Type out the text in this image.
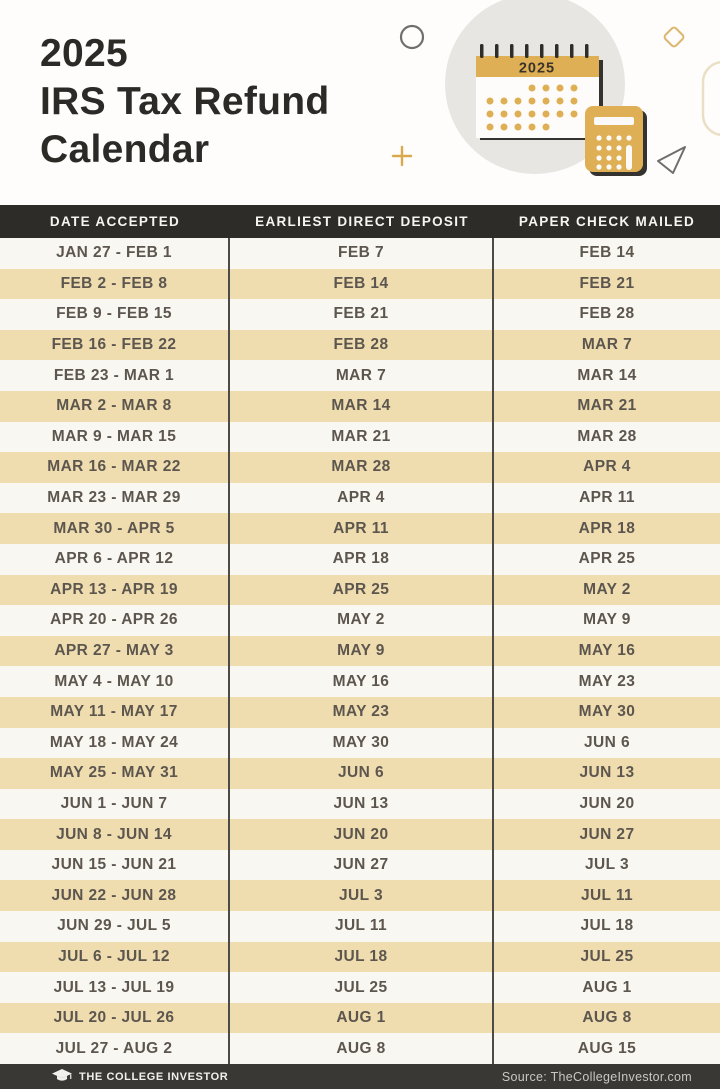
2025
IRS Tax Refund
Calendar
2025
DATE ACCEPTED	EARLIEST DIRECT DEPOSIT	PAPER CHECK MAILED
JAN 27 - FEB 1	FEB 7	FEB 14
FEB 2 - FEB 8	FEB 14	FEB 21
FEB 9 - FEB 15	FEB 21	FEB 28
FEB 16 - FEB 22	FEB 28	MAR 7
FEB 23 - MAR 1	MAR 7	MAR 14
MAR 2 - MAR 8	MAR 14	MAR 21
MAR 9 - MAR 15	MAR 21	MAR 28
MAR 16 - MAR 22	MAR 28	APR 4
MAR 23 - MAR 29	APR 4	APR 11
MAR 30 - APR 5	APR 11	APR 18
APR 6 - APR 12	APR 18	APR 25
APR 13 - APR 19	APR 25	MAY 2
APR 20 - APR 26	MAY 2	MAY 9
APR 27 - MAY 3	MAY 9	MAY 16
MAY 4 - MAY 10	MAY 16	MAY 23
MAY 11 - MAY 17	MAY 23	MAY 30
MAY 18 - MAY 24	MAY 30	JUN 6
MAY 25 - MAY 31	JUN 6	JUN 13
JUN 1 - JUN 7	JUN 13	JUN 20
JUN 8 - JUN 14	JUN 20	JUN 27
JUN 15 - JUN 21	JUN 27	JUL 3
JUN 22 - JUN 28	JUL 3	JUL 11
JUN 29 - JUL 5	JUL 11	JUL 18
JUL 6 - JUL 12	JUL 18	JUL 25
JUL 13 - JUL 19	JUL 25	AUG 1
JUL 20 - JUL 26	AUG 1	AUG 8
JUL 27 - AUG 2	AUG 8	AUG 15
THE COLLEGE INVESTOR	Source: TheCollegeInvestor.com
